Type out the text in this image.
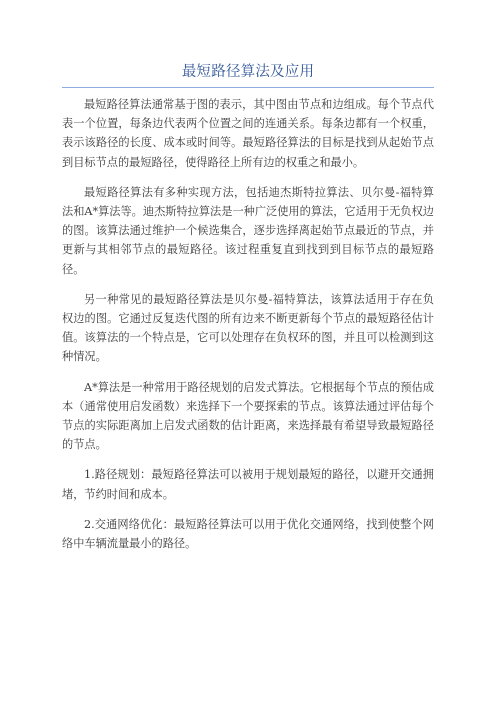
最短路径算法及应用

最短路径算法通常基于图的表示，其中图由节点和边组成。每个节点代表一个位置，每条边代表两个位置之间的连通关系。每条边都有一个权重，表示该路径的长度、成本或时间等。最短路径算法的目标是找到从起始节点到目标节点的最短路径，使得路径上所有边的权重之和最小。

最短路径算法有多种实现方法，包括迪杰斯特拉算法、贝尔曼-福特算法和A*算法等。迪杰斯特拉算法是一种广泛使用的算法，它适用于无负权边的图。该算法通过维护一个候选集合，逐步选择离起始节点最近的节点，并更新与其相邻节点的最短路径。该过程重复直到找到到目标节点的最短路径。

另一种常见的最短路径算法是贝尔曼-福特算法，该算法适用于存在负权边的图。它通过反复迭代图的所有边来不断更新每个节点的最短路径估计值。该算法的一个特点是，它可以处理存在负权环的图，并且可以检测到这种情况。

A*算法是一种常用于路径规划的启发式算法。它根据每个节点的预估成本（通常使用启发函数）来选择下一个要探索的节点。该算法通过评估每个节点的实际距离加上启发式函数的估计距离，来选择最有希望导致最短路径的节点。

1.路径规划：最短路径算法可以被用于规划最短的路径，以避开交通拥堵，节约时间和成本。

2.交通网络优化：最短路径算法可以用于优化交通网络，找到使整个网络中车辆流量最小的路径。
